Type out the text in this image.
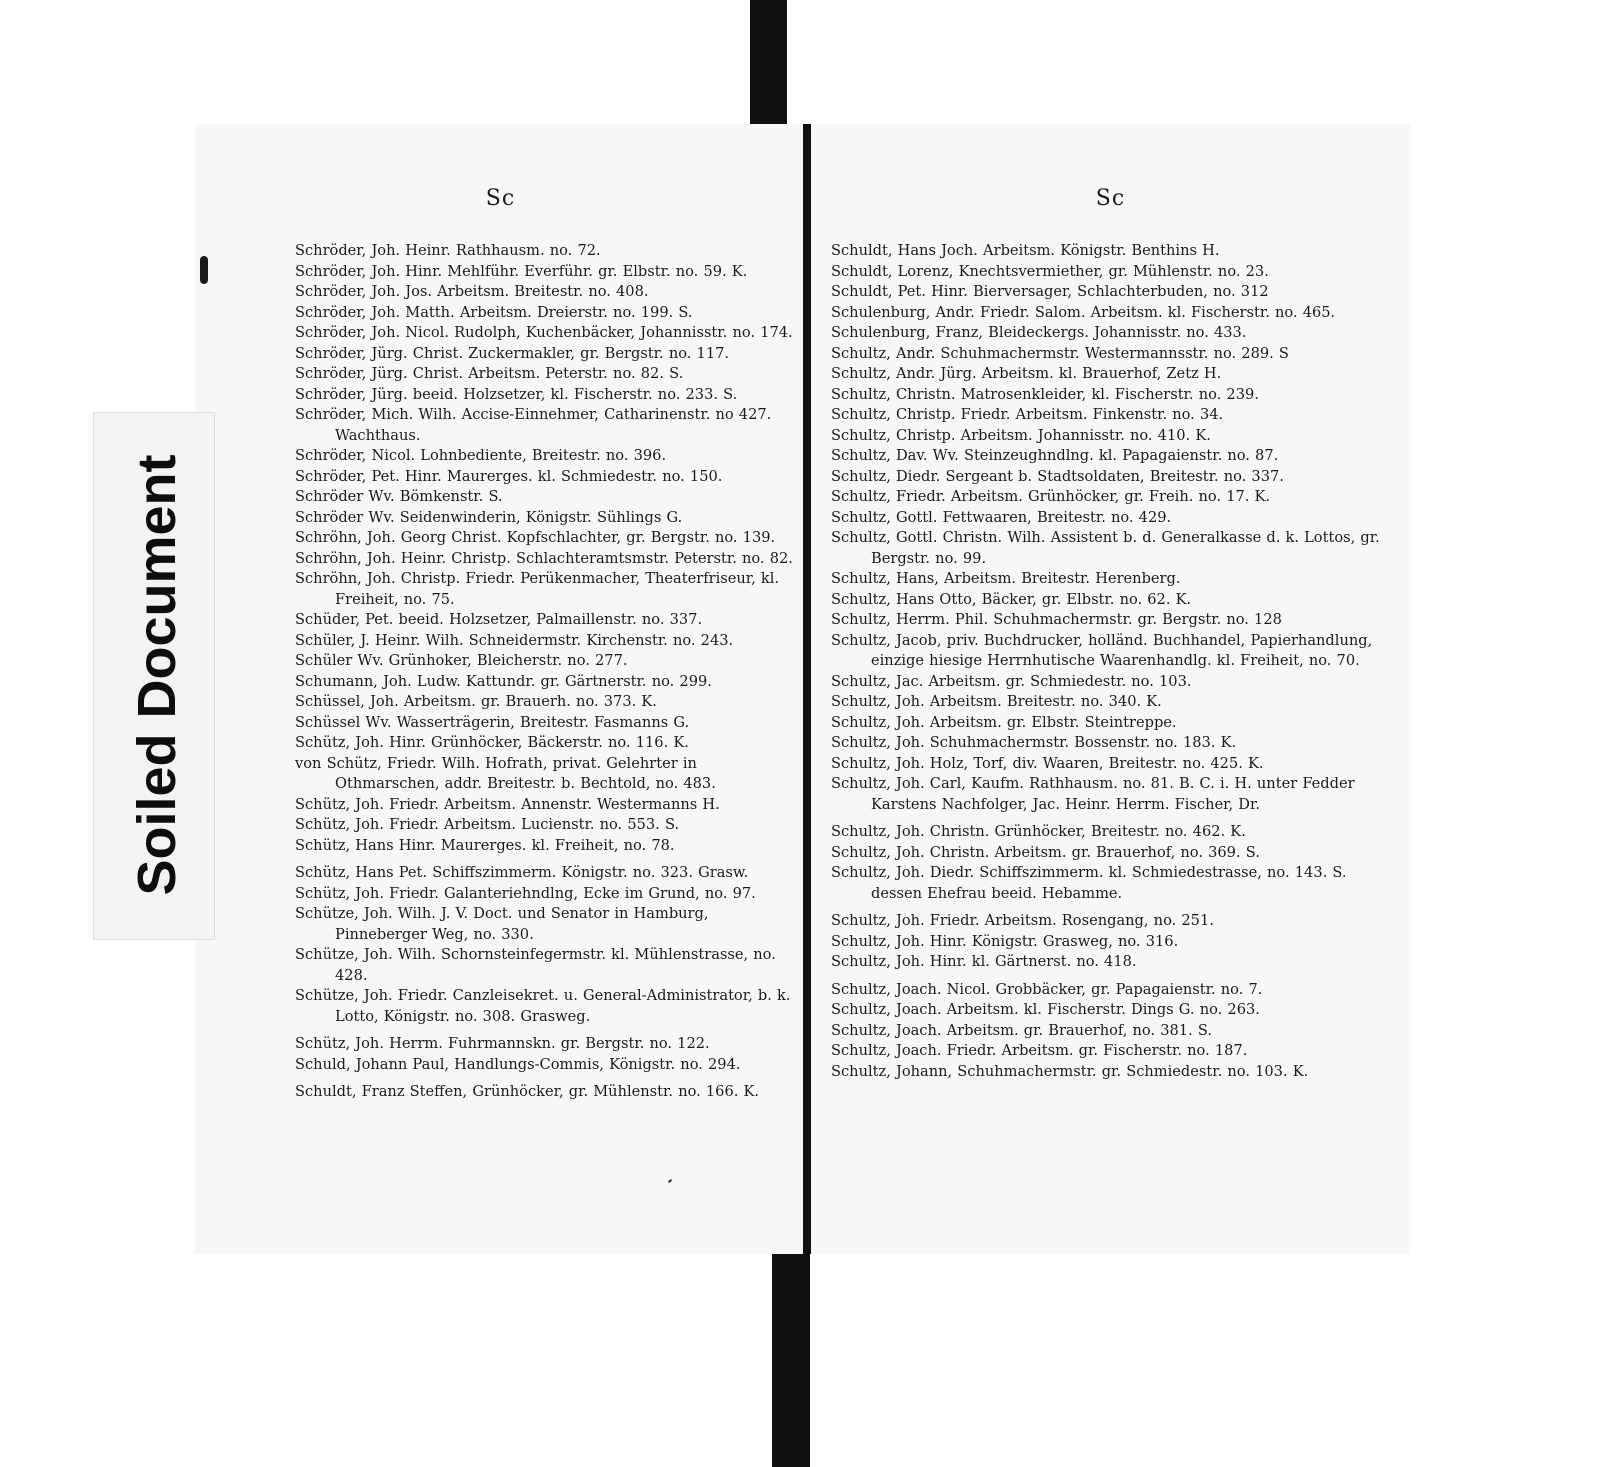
Sc
Schröder, Joh. Heinr. Rathhausm. no. 72.
Schröder, Joh. Hinr. Mehlführ. Everführ. gr. Elbstr. no. 59. K.
Schröder, Joh. Jos. Arbeitsm. Breitestr. no. 408.
Schröder, Joh. Matth. Arbeitsm. Dreierstr. no. 199. S.
Schröder, Joh. Nicol. Rudolph, Kuchenbäcker, Johannisstr. no. 174.
Schröder, Jürg. Christ. Zuckermakler, gr. Bergstr. no. 117.
Schröder, Jürg. Christ. Arbeitsm. Peterstr. no. 82. S.
Schröder, Jürg. beeid. Holzsetzer, kl. Fischerstr. no. 233. S.
Schröder, Mich. Wilh. Accise-Einnehmer, Catharinenstr. no 427. Wachthaus.
Schröder, Nicol. Lohnbediente, Breitestr. no. 396.
Schröder, Pet. Hinr. Maurerges. kl. Schmiedestr. no. 150.
Schröder Wv. Bömkenstr. S.
Schröder Wv. Seidenwinderin, Königstr. Sühlings G.
Schröhn, Joh. Georg Christ. Kopfschlachter, gr. Bergstr. no. 139.
Schröhn, Joh. Heinr. Christp. Schlachteramtsmstr. Peterstr. no. 82.
Schröhn, Joh. Christp. Friedr. Perükenmacher, Theaterfriseur, kl. Freiheit, no. 75.
Schüder, Pet. beeid. Holzsetzer, Palmaillenstr. no. 337.
Schüler, J. Heinr. Wilh. Schneidermstr. Kirchenstr. no. 243.
Schüler Wv. Grünhoker, Bleicherstr. no. 277.
Schumann, Joh. Ludw. Kattundr. gr. Gärtnerstr. no. 299.
Schüssel, Joh. Arbeitsm. gr. Brauerh. no. 373. K.
Schüssel Wv. Wasserträgerin, Breitestr. Fasmanns G.
Schütz, Joh. Hinr. Grünhöcker, Bäckerstr. no. 116. K.
von Schütz, Friedr. Wilh. Hofrath, privat. Gelehrter in Othmarschen, addr. Breitestr. b. Bechtold, no. 483.
Schütz, Joh. Friedr. Arbeitsm. Annenstr. Westermanns H.
Schütz, Joh. Friedr. Arbeitsm. Lucienstr. no. 553. S.
Schütz, Hans Hinr. Maurerges. kl. Freiheit, no. 78.
Schütz, Hans Pet. Schiffszimmerm. Königstr. no. 323. Grasw.
Schütz, Joh. Friedr. Galanteriehndlng, Ecke im Grund, no. 97.
Schütze, Joh. Wilh. J. V. Doct. und Senator in Hamburg, Pinneberger Weg, no. 330.
Schütze, Joh. Wilh. Schornsteinfegermstr. kl. Mühlenstrasse, no. 428.
Schütze, Joh. Friedr. Canzleisekret. u. General-Administrator, b. k. Lotto, Königstr. no. 308. Grasweg.
Schütz, Joh. Herrm. Fuhrmannskn. gr. Bergstr. no. 122.
Schuld, Johann Paul, Handlungs-Commis, Königstr. no. 294.
Schuldt, Franz Steffen, Grünhöcker, gr. Mühlenstr. no. 166. K.
Sc
Schuldt, Hans Joch. Arbeitsm. Königstr. Benthins H.
Schuldt, Lorenz, Knechtsvermiether, gr. Mühlenstr. no. 23.
Schuldt, Pet. Hinr. Bierversager, Schlachterbuden, no. 312
Schulenburg, Andr. Friedr. Salom. Arbeitsm. kl. Fischerstr. no. 465.
Schulenburg, Franz, Bleideckergs. Johannisstr. no. 433.
Schultz, Andr. Schuhmachermstr. Westermannsstr. no. 289. S
Schultz, Andr. Jürg. Arbeitsm. kl. Brauerhof, Zetz H.
Schultz, Christn. Matrosenkleider, kl. Fischerstr. no. 239.
Schultz, Christp. Friedr. Arbeitsm. Finkenstr. no. 34.
Schultz, Christp. Arbeitsm. Johannisstr. no. 410. K.
Schultz, Dav. Wv. Steinzeughndlng. kl. Papagaienstr. no. 87.
Schultz, Diedr. Sergeant b. Stadtsoldaten, Breitestr. no. 337.
Schultz, Friedr. Arbeitsm. Grünhöcker, gr. Freih. no. 17. K.
Schultz, Gottl. Fettwaaren, Breitestr. no. 429.
Schultz, Gottl. Christn. Wilh. Assistent b. d. Generalkasse d. k. Lottos, gr. Bergstr. no. 99.
Schultz, Hans, Arbeitsm. Breitestr. Herenberg.
Schultz, Hans Otto, Bäcker, gr. Elbstr. no. 62. K.
Schultz, Herrm. Phil. Schuhmachermstr. gr. Bergstr. no. 128
Schultz, Jacob, priv. Buchdrucker, holländ. Buchhandel, Papierhandlung, einzige hiesige Herrnhutische Waarenhandlg. kl. Freiheit, no. 70.
Schultz, Jac. Arbeitsm. gr. Schmiedestr. no. 103.
Schultz, Joh. Arbeitsm. Breitestr. no. 340. K.
Schultz, Joh. Arbeitsm. gr. Elbstr. Steintreppe.
Schultz, Joh. Schuhmachermstr. Bossenstr. no. 183. K.
Schultz, Joh. Holz, Torf, div. Waaren, Breitestr. no. 425. K.
Schultz, Joh. Carl, Kaufm. Rathhausm. no. 81. B. C. i. H. unter Fedder Karstens Nachfolger, Jac. Heinr. Herrm. Fischer, Dr.
Schultz, Joh. Christn. Grünhöcker, Breitestr. no. 462. K.
Schultz, Joh. Christn. Arbeitsm. gr. Brauerhof, no. 369. S.
Schultz, Joh. Diedr. Schiffszimmerm. kl. Schmiedestrasse, no. 143. S. dessen Ehefrau beeid. Hebamme.
Schultz, Joh. Friedr. Arbeitsm. Rosengang, no. 251.
Schultz, Joh. Hinr. Königstr. Grasweg, no. 316.
Schultz, Joh. Hinr. kl. Gärtnerst. no. 418.
Schultz, Joach. Nicol. Grobbäcker, gr. Papagaienstr. no. 7.
Schultz, Joach. Arbeitsm. kl. Fischerstr. Dings G. no. 263.
Schultz, Joach. Arbeitsm. gr. Brauerhof, no. 381. S.
Schultz, Joach. Friedr. Arbeitsm. gr. Fischerstr. no. 187.
Schultz, Johann, Schuhmachermstr. gr. Schmiedestr. no. 103. K.
Soiled Document
